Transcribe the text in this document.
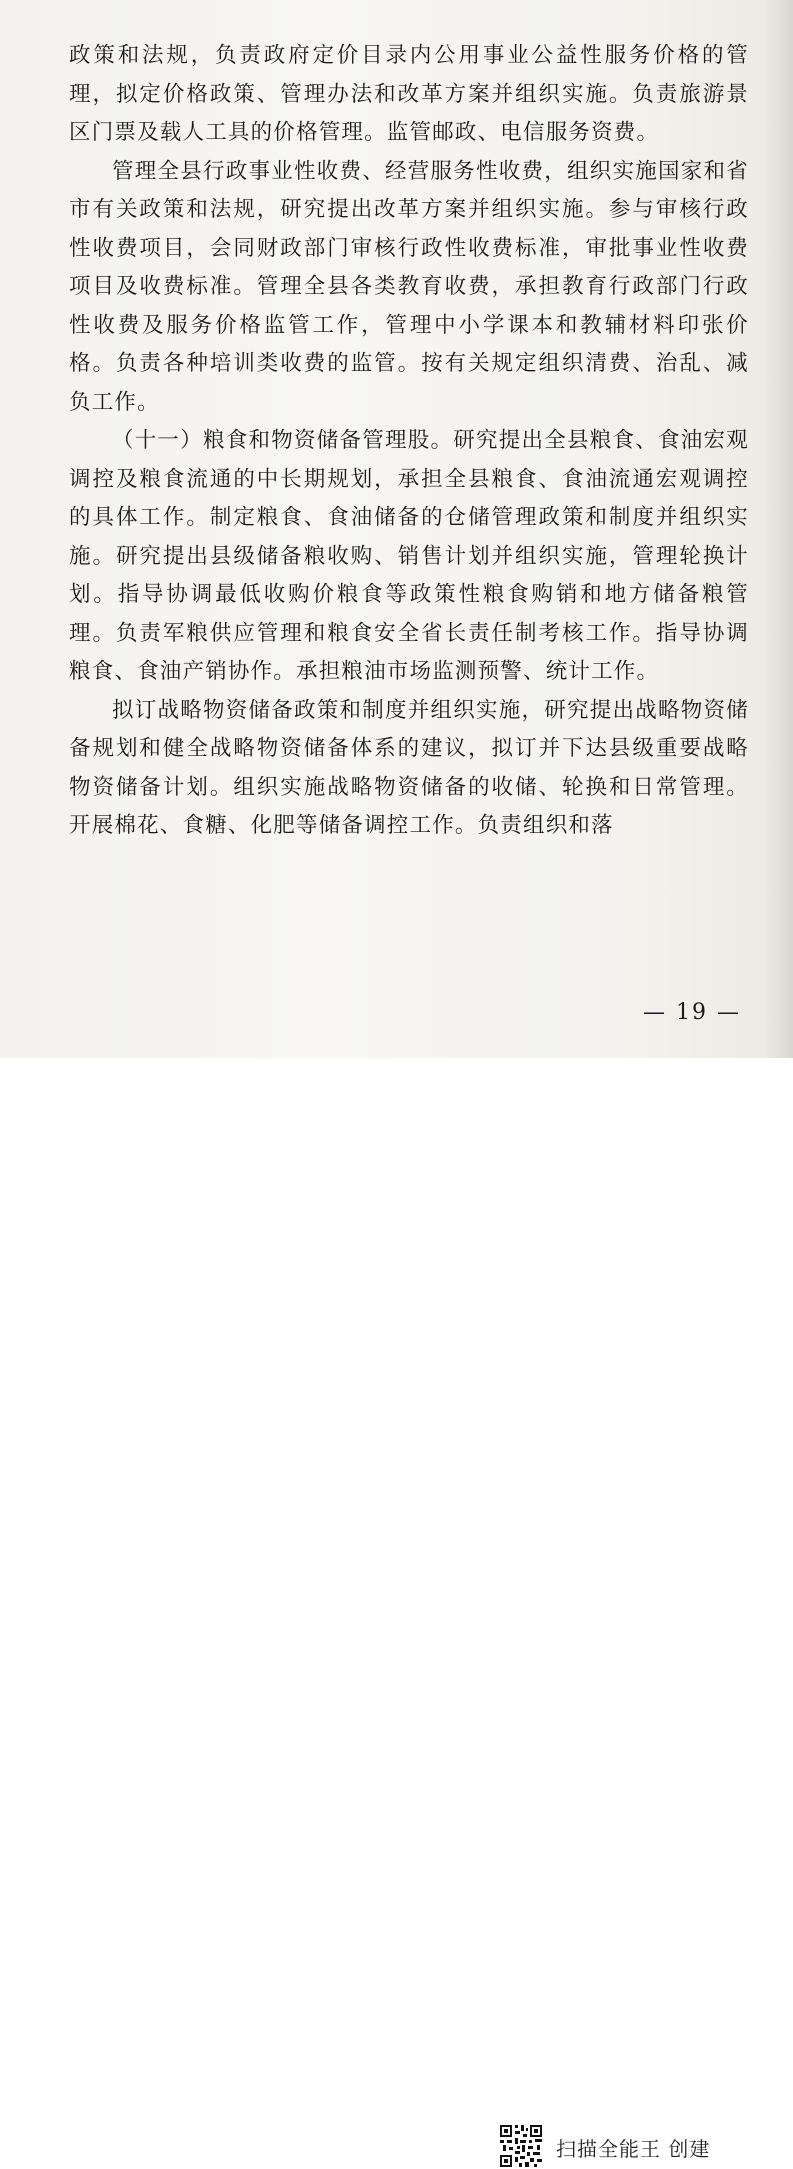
政策和法规，负责政府定价目录内公用事业公益性服务价格的管理，拟定价格政策、管理办法和改革方案并组织实施。负责旅游景区门票及载人工具的价格管理。监管邮政、电信服务资费。

管理全县行政事业性收费、经营服务性收费，组织实施国家和省市有关政策和法规，研究提出改革方案并组织实施。参与审核行政性收费项目，会同财政部门审核行政性收费标准，审批事业性收费项目及收费标准。管理全县各类教育收费，承担教育行政部门行政性收费及服务价格监管工作，管理中小学课本和教辅材料印张价格。负责各种培训类收费的监管。按有关规定组织清费、治乱、减负工作。

（十一）粮食和物资储备管理股。研究提出全县粮食、食油宏观调控及粮食流通的中长期规划，承担全县粮食、食油流通宏观调控的具体工作。制定粮食、食油储备的仓储管理政策和制度并组织实施。研究提出县级储备粮收购、销售计划并组织实施，管理轮换计划。指导协调最低收购价粮食等政策性粮食购销和地方储备粮管理。负责军粮供应管理和粮食安全省长责任制考核工作。指导协调粮食、食油产销协作。承担粮油市场监测预警、统计工作。

拟订战略物资储备政策和制度并组织实施，研究提出战略物资储备规划和健全战略物资储备体系的建议，拟订并下达县级重要战略物资储备计划。组织实施战略物资储备的收储、轮换和日常管理。开展棉花、食糖、化肥等储备调控工作。负责组织和落

— 19 —
扫描全能王 创建
